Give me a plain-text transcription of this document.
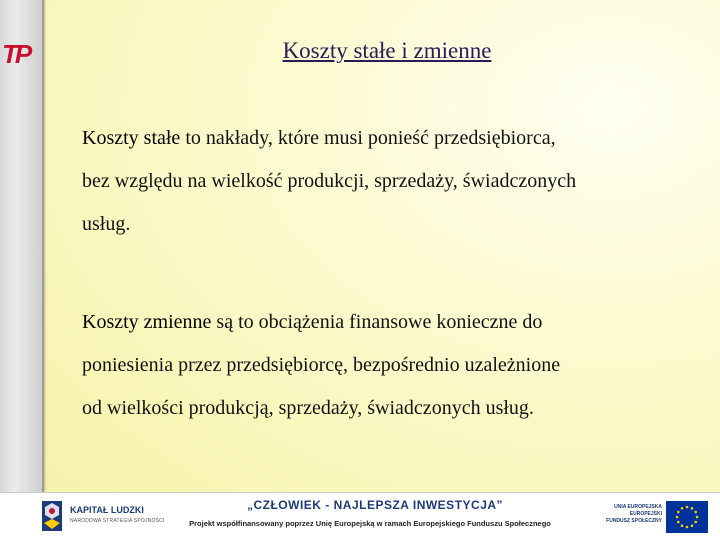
TP	Koszty stałe i zmienne

Koszty stałe to nakłady, które musi ponieść przedsiębiorca,
bez względu na wielkość produkcji, sprzedaży, świadczonych
usług.

Koszty zmienne są to obciążenia finansowe konieczne do
poniesienia przez przedsiębiorcę, bezpośrednio uzależnione
od wielkości produkcją, sprzedaży, świadczonych usług.

KAPITAŁ LUDZKI
NARODOWA STRATEGIA SPÓJNOŚCI
„CZŁOWIEK - NAJLEPSZA INWESTYCJA”
Projekt współfinansowany poprzez Unię Europejską w ramach Europejskiego Funduszu Społecznego
UNIA EUROPEJSKA
EUROPEJSKI
FUNDUSZ SPOŁECZNY
